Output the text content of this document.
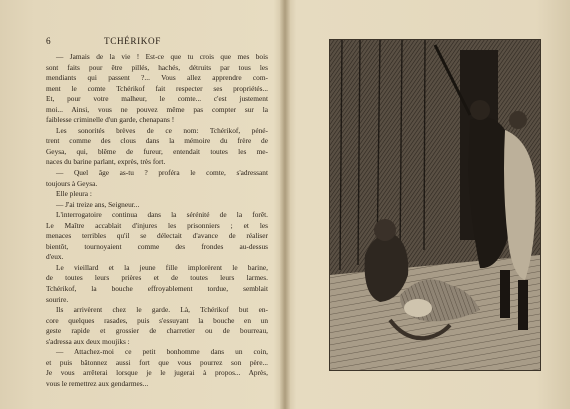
6	TCHÉRIKOF
— Jamais de la vie ! Est-ce que tu crois que mes bois
sont faits pour être pillés, hachés, détruits par tous les
mendiants qui passent ?... Vous allez apprendre com-
ment le comte Tchérikof fait respecter ses propriétés...
Et, pour votre malheur, le comte... c'est justement
moi... Ainsi, vous ne pouvez même pas compter sur la
faiblesse criminelle d'un garde, chenapans !
Les sonorités brèves de ce nom: Tchérikof, péné-
trent comme des clous dans la mémoire du frère de
Geysa, qui, blême de fureur, entendait toutes les me-
naces du barine parlant, exprès, très fort.
— Quel âge as-tu ? proféra le comte, s'adressant
toujours à Geysa.
Elle pleura :
— J'ai treize ans, Seigneur...
L'interrogatoire continua dans la sérénité de la forêt.
Le Maître accablait d'injures les prisonniers ; et les
menaces terribles qu'il se délectait d'avance de réaliser
bientôt, tournoyaient comme des frondes au-dessus
d'eux.
Le vieillard et la jeune fille implorèrent le barine,
de toutes leurs prières et de toutes leurs larmes.
Tchérikof, la bouche effroyablement tordue, semblait
sourire.
Ils arrivèrent chez le garde. Là, Tchérikof but en-
core quelques rasades, puis s'essuyant la bouche en un
geste rapide et grossier de charretier ou de bourreau,
s'adressa aux deux moujiks :
— Attachez-moi ce petit bonhomme dans un coin,
et puis bâtonnez aussi fort que vous pourrez son père...
Je vous arrêterai lorsque je le jugerai à propos... Après,
vous le remettrez aux gendarmes...
